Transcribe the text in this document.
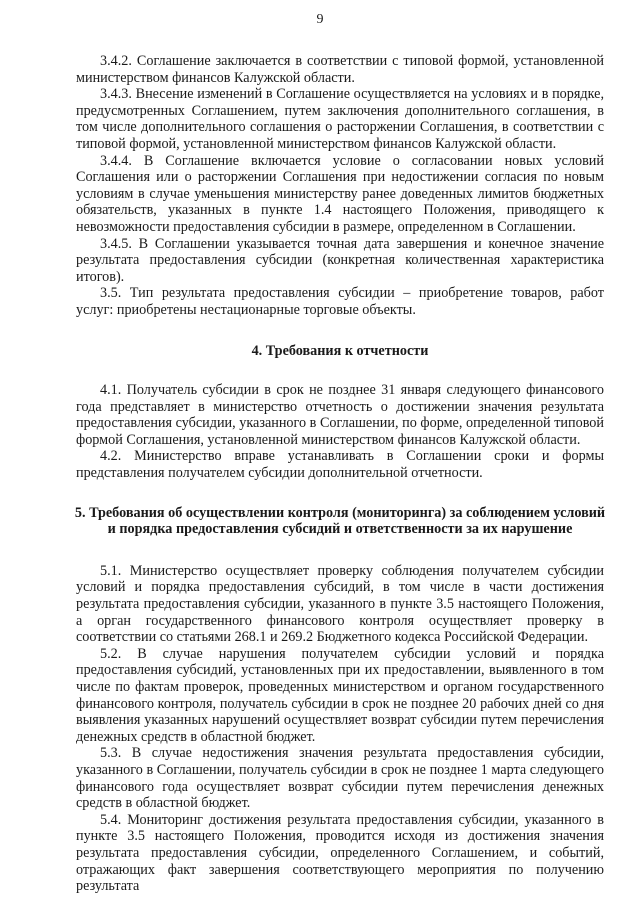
9

3.4.2. Соглашение заключается в соответствии с типовой формой, установленной министерством финансов Калужской области.

3.4.3. Внесение изменений в Соглашение осуществляется на условиях и в порядке, предусмотренных Соглашением, путем заключения дополнительного соглашения, в том числе дополнительного соглашения о расторжении Соглашения, в соответствии с типовой формой, установленной министерством финансов Калужской области.

3.4.4. В Соглашение включается условие о согласовании новых условий Соглашения или о расторжении Соглашения при недостижении согласия по новым условиям в случае уменьшения министерству ранее доведенных лимитов бюджетных обязательств, указанных в пункте 1.4 настоящего Положения, приводящего к невозможности предоставления субсидии в размере, определенном в Соглашении.

3.4.5. В Соглашении указывается точная дата завершения и конечное значение результата предоставления субсидии (конкретная количественная характеристика итогов).

3.5. Тип результата предоставления субсидии – приобретение товаров, работ услуг: приобретены нестационарные торговые объекты.

4. Требования к отчетности

4.1. Получатель субсидии в срок не позднее 31 января следующего финансового года представляет в министерство отчетность о достижении значения результата предоставления субсидии, указанного в Соглашении, по форме, определенной типовой формой Соглашения, установленной министерством финансов Калужской области.

4.2. Министерство вправе устанавливать в Соглашении сроки и формы представления получателем субсидии дополнительной отчетности.

5. Требования об осуществлении контроля (мониторинга) за соблюдением условий

и порядка предоставления субсидий и ответственности за их нарушение

5.1. Министерство осуществляет проверку соблюдения получателем субсидии условий и порядка предоставления субсидий, в том числе в части достижения результата предоставления субсидии, указанного в пункте 3.5 настоящего Положения, а орган государственного финансового контроля осуществляет проверку в соответствии со статьями 268.1 и 269.2 Бюджетного кодекса Российской Федерации.

5.2. В случае нарушения получателем субсидии условий и порядка предоставления субсидий, установленных при их предоставлении, выявленного в том числе по фактам проверок, проведенных министерством и органом государственного финансового контроля, получатель субсидии в срок не позднее 20 рабочих дней со дня выявления указанных нарушений осуществляет возврат субсидии путем перечисления денежных средств в областной бюджет.

5.3. В случае недостижения значения результата предоставления субсидии, указанного в Соглашении, получатель субсидии в срок не позднее 1 марта следующего финансового года осуществляет возврат субсидии путем перечисления денежных средств в областной бюджет.

5.4. Мониторинг достижения результата предоставления субсидии, указанного в пункте 3.5 настоящего Положения, проводится исходя из достижения значения результата предоставления субсидии, определенного Соглашением, и событий, отражающих факт завершения соответствующего мероприятия по получению результата
